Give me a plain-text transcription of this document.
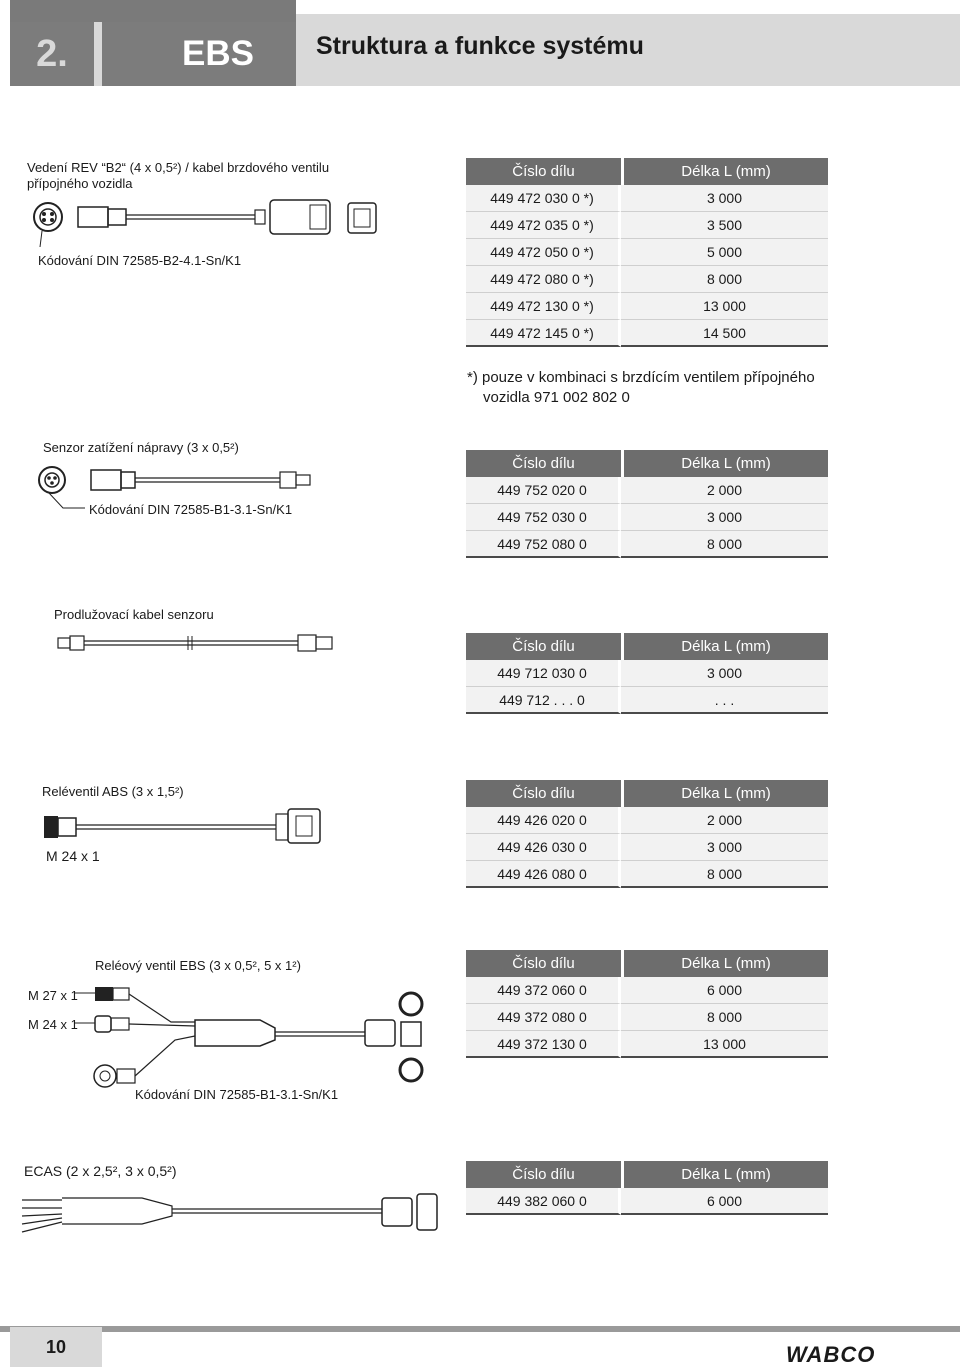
2.	EBS	Struktura a funkce systému
Vedení REV “B2“ (4 x 0,5²) / kabel brzdového ventilu přípojného vozidla
Kódování DIN 72585-B2-4.1-Sn/K1
Číslo dílu	Délka L (mm)
449 472 030 0 *)	3 000
449 472 035 0 *)	3 500
449 472 050 0 *)	5 000
449 472 080 0 *)	8 000
449 472 130 0 *)	13 000
449 472 145 0 *)	14 500
*) pouze v kombinaci s brzdícím ventilem přípojného
vozidla 971 002 802 0
Senzor zatížení nápravy (3 x 0,5²)
Kódování DIN 72585-B1-3.1-Sn/K1
Číslo dílu	Délka L (mm)
449 752 020 0	2 000
449 752 030 0	3 000
449 752 080 0	8 000
Prodlužovací kabel senzoru
Číslo dílu	Délka L (mm)
449 712 030 0	3 000
449 712 . . . 0	. . .
Reléventil ABS (3 x 1,5²)
M 24 x 1
Číslo dílu	Délka L (mm)
449 426 020 0	2 000
449 426 030 0	3 000
449 426 080 0	8 000
Reléový ventil EBS (3 x 0,5², 5 x 1²)
M 27 x 1
M 24 x 1
Kódování DIN 72585-B1-3.1-Sn/K1
Číslo dílu	Délka L (mm)
449 372 060 0	6 000
449 372 080 0	8 000
449 372 130 0	13 000
ECAS (2 x 2,5², 3 x 0,5²)	Číslo dílu	Délka L (mm)
449 382 060 0	6 000
10	WABCO
